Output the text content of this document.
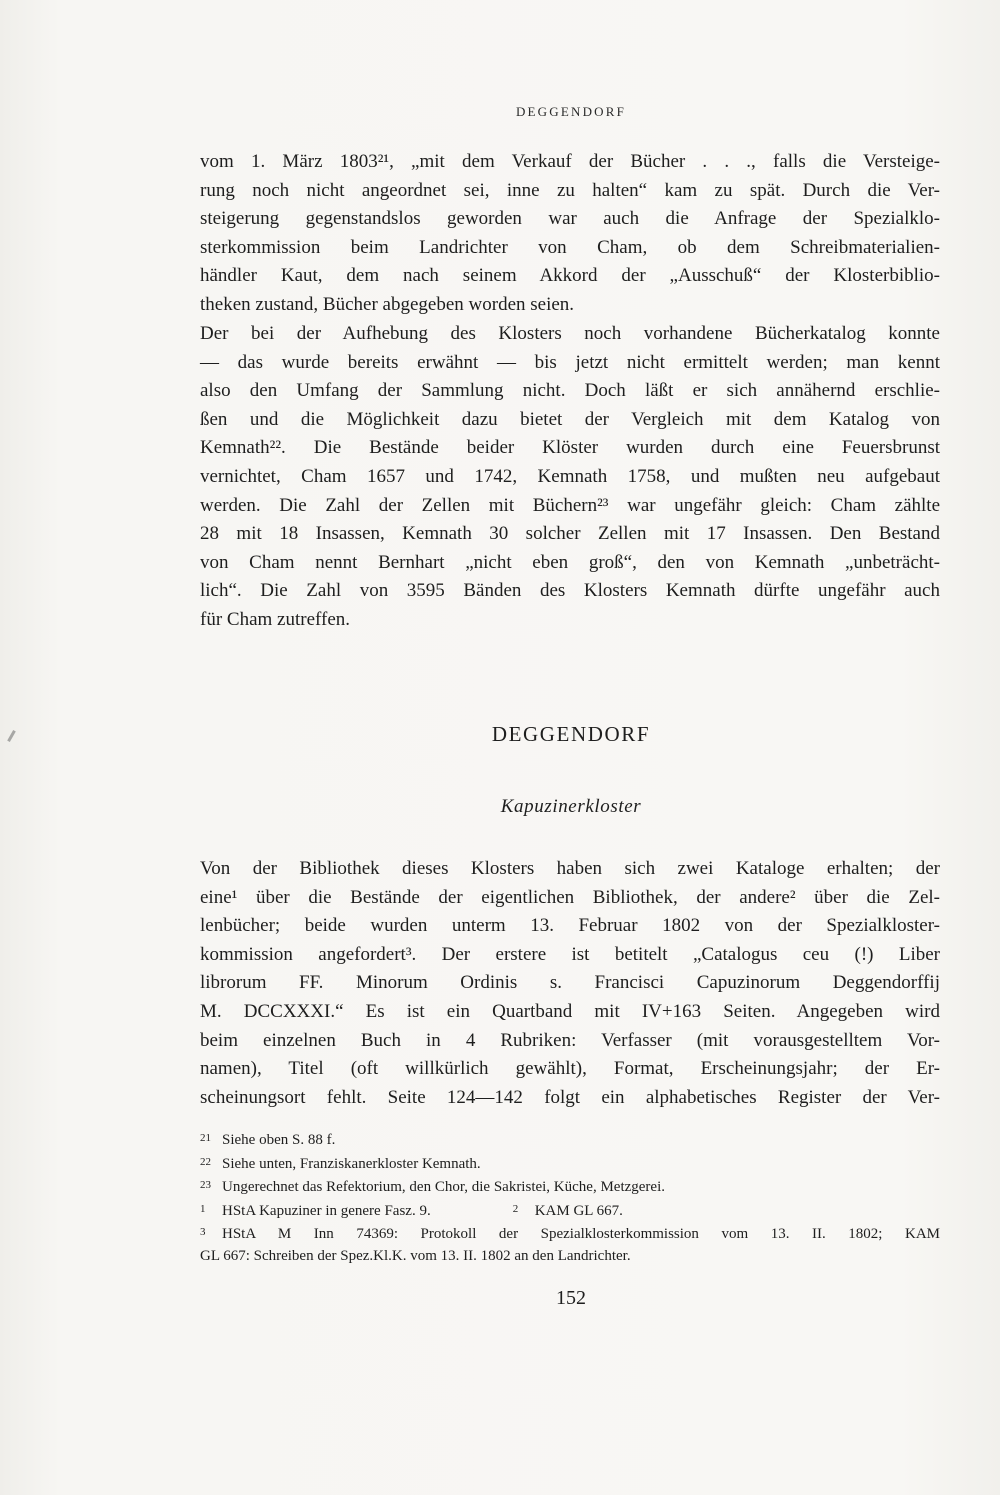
DEGGENDORF
vom 1. März 1803²¹, „mit dem Verkauf der Bücher . . ., falls die Versteige-
rung noch nicht angeordnet sei, inne zu halten“ kam zu spät. Durch die Ver-
steigerung gegenstandslos geworden war auch die Anfrage der Spezialklo-
sterkommission beim Landrichter von Cham, ob dem Schreibmaterialien-
händler Kaut, dem nach seinem Akkord der „Ausschuß“ der Klosterbiblio-
theken zustand, Bücher abgegeben worden seien.
Der bei der Aufhebung des Klosters noch vorhandene Bücherkatalog konnte
— das wurde bereits erwähnt — bis jetzt nicht ermittelt werden; man kennt
also den Umfang der Sammlung nicht. Doch läßt er sich annähernd erschlie-
ßen und die Möglichkeit dazu bietet der Vergleich mit dem Katalog von
Kemnath²². Die Bestände beider Klöster wurden durch eine Feuersbrunst
vernichtet, Cham 1657 und 1742, Kemnath 1758, und mußten neu aufgebaut
werden. Die Zahl der Zellen mit Büchern²³ war ungefähr gleich: Cham zählte
28 mit 18 Insassen, Kemnath 30 solcher Zellen mit 17 Insassen. Den Bestand
von Cham nennt Bernhart „nicht eben groß“, den von Kemnath „unbeträcht-
lich“. Die Zahl von 3595 Bänden des Klosters Kemnath dürfte ungefähr auch
für Cham zutreffen.
DEGGENDORF
Kapuzinerkloster
Von der Bibliothek dieses Klosters haben sich zwei Kataloge erhalten; der
eine¹ über die Bestände der eigentlichen Bibliothek, der andere² über die Zel-
lenbücher; beide wurden unterm 13. Februar 1802 von der Spezialkloster-
kommission angefordert³. Der erstere ist betitelt „Catalogus ceu (!) Liber
librorum FF. Minorum Ordinis s. Francisci Capuzinorum Deggendorffij
M. DCCXXXI.“ Es ist ein Quartband mit IV+163 Seiten. Angegeben wird
beim einzelnen Buch in 4 Rubriken: Verfasser (mit vorausgestelltem Vor-
namen), Titel (oft willkürlich gewählt), Format, Erscheinungsjahr; der Er-
scheinungsort fehlt. Seite 124—142 folgt ein alphabetisches Register der Ver-
21 Siehe oben S. 88 f.
22 Siehe unten, Franziskanerkloster Kemnath.
23 Ungerechnet das Refektorium, den Chor, die Sakristei, Küche, Metzgerei.
1 HStA Kapuziner in genere Fasz. 9.	2 KAM GL 667.
3 HStA M Inn 74369: Protokoll der Spezialklosterkommission vom 13. II. 1802; KAM
GL 667: Schreiben der Spez.Kl.K. vom 13. II. 1802 an den Landrichter.
152
